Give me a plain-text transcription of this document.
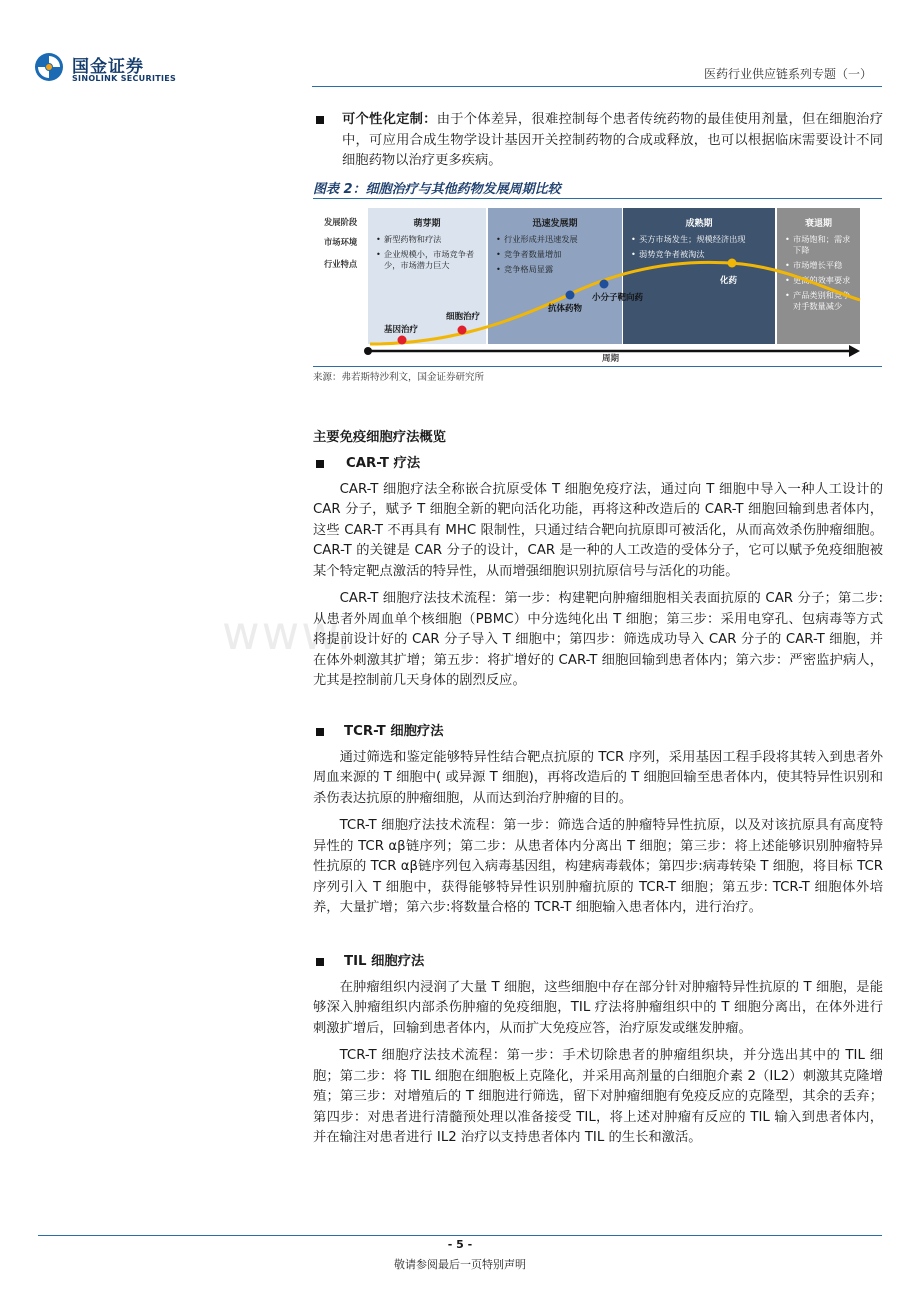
国金证券
SINOLINK SECURITIES	医药行业供应链系列专题（一）
www.

可个性化定制：由于个体差异，很难控制每个患者传统药物的最佳使用剂量，但在细胞治疗中，可应用合成生物学设计基因开关控制药物的合成或释放，也可以根据临床需要设计不同细胞药物以治疗更多疾病。

图表 2：细胞治疗与其他药物发展周期比较
发展阶段
市场环境
行业特点
萌芽期
• 新型药物和疗法
• 企业规模小，市场竞争者少，市场潜力巨大
迅速发展期
• 行业形成并迅速发展
• 竞争者数量增加
• 竞争格局显露
成熟期
• 买方市场发生；规模经济出现
• 弱势竞争者被淘汰
衰退期
• 市场饱和；需求下降
• 市场增长平稳
• 更高的效率要求
• 产品类别和竞争对手数量减少
基因治疗
细胞治疗
抗体药物
小分子靶向药
化药
周期
来源：弗若斯特沙利文，国金证券研究所
主要免疫细胞疗法概览

CAR-T 疗法

CAR-T 细胞疗法全称嵌合抗原受体 T 细胞免疫疗法，通过向 T 细胞中导入一种人工设计的 CAR 分子，赋予 T 细胞全新的靶向活化功能，再将这种改造后的 CAR-T 细胞回输到患者体内，这些 CAR-T 不再具有 MHC 限制性，只通过结合靶向抗原即可被活化，从而高效杀伤肿瘤细胞。CAR-T 的关键是 CAR 分子的设计，CAR 是一种的人工改造的受体分子，它可以赋予免疫细胞被某个特定靶点激活的特异性，从而增强细胞识别抗原信号与活化的功能。

CAR-T 细胞疗法技术流程：第一步：构建靶向肿瘤细胞相关表面抗原的 CAR 分子；第二步:从患者外周血单个核细胞（PBMC）中分选纯化出 T 细胞；第三步：采用电穿孔、包病毒等方式将提前设计好的 CAR 分子导入 T 细胞中；第四步：筛选成功导入 CAR 分子的 CAR-T 细胞，并在体外刺激其扩增；第五步：将扩增好的 CAR-T 细胞回输到患者体内；第六步：严密监护病人，尤其是控制前几天身体的剧烈反应。

TCR-T 细胞疗法

通过筛选和鉴定能够特异性结合靶点抗原的 TCR 序列，采用基因工程手段将其转入到患者外周血来源的 T 细胞中( 或异源 T 细胞)，再将改造后的 T 细胞回输至患者体内，使其特异性识别和杀伤表达抗原的肿瘤细胞，从而达到治疗肿瘤的目的。

TCR-T 细胞疗法技术流程：第一步：筛选合适的肿瘤特异性抗原，以及对该抗原具有高度特异性的 TCR αβ链序列；第二步：从患者体内分离出 T 细胞；第三步：将上述能够识别肿瘤特异性抗原的 TCR αβ链序列包入病毒基因组，构建病毒载体；第四步:病毒转染 T 细胞，将目标 TCR 序列引入 T 细胞中，获得能够特异性识别肿瘤抗原的 TCR-T 细胞；第五步: TCR-T 细胞体外培养，大量扩增；第六步:将数量合格的 TCR-T 细胞输入患者体内，进行治疗。

TIL 细胞疗法

在肿瘤组织内浸润了大量 T 细胞，这些细胞中存在部分针对肿瘤特异性抗原的 T 细胞，是能够深入肿瘤组织内部杀伤肿瘤的免疫细胞，TIL 疗法将肿瘤组织中的 T 细胞分离出，在体外进行刺激扩增后，回输到患者体内，从而扩大免疫应答，治疗原发或继发肿瘤。

TCR-T 细胞疗法技术流程：第一步：手术切除患者的肿瘤组织块，并分选出其中的 TIL 细胞；第二步：将 TIL 细胞在细胞板上克隆化，并采用高剂量的白细胞介素 2（IL2）刺激其克隆增殖；第三步：对增殖后的 T 细胞进行筛选，留下对肿瘤细胞有免疫反应的克隆型，其余的丢弃；第四步：对患者进行清髓预处理以准备接受 TIL，将上述对肿瘤有反应的 TIL 输入到患者体内，并在输注对患者进行 IL2 治疗以支持患者体内 TIL 的生长和激活。

- 5 -
敬请参阅最后一页特别声明
